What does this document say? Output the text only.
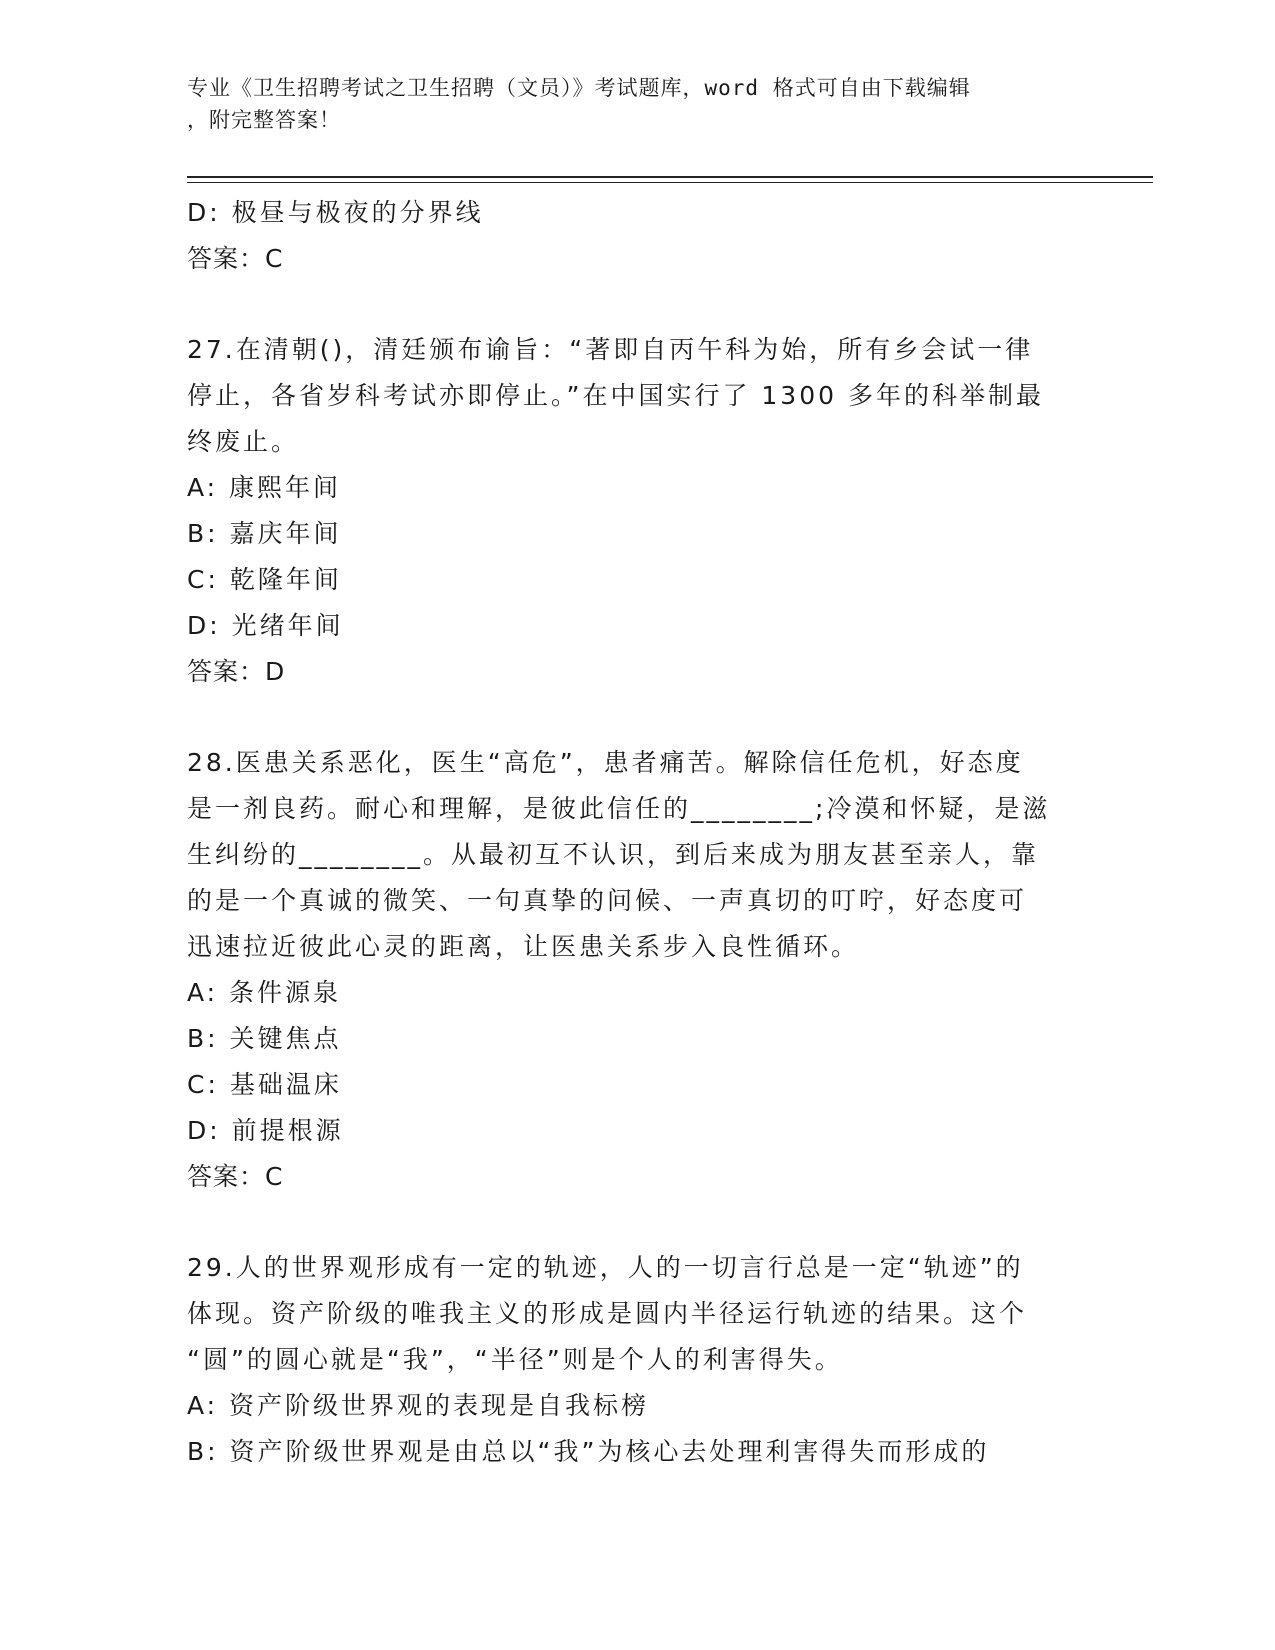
专业《卫生招聘考试之卫生招聘（文员）》考试题库，word 格式可自由下载编辑
，附完整答案！
D: 极昼与极夜的分界线
答案：C
27.在清朝()，清廷颁布谕旨：“著即自丙午科为始，所有乡会试一律
停止，各省岁科考试亦即停止。”在中国实行了 1300 多年的科举制最
终废止。
A: 康熙年间
B: 嘉庆年间
C: 乾隆年间
D: 光绪年间
答案：D
28.医患关系恶化，医生“高危”，患者痛苦。解除信任危机，好态度
是一剂良药。耐心和理解，是彼此信任的________;冷漠和怀疑，是滋
生纠纷的________。从最初互不认识，到后来成为朋友甚至亲人，靠
的是一个真诚的微笑、一句真挚的问候、一声真切的叮咛，好态度可
迅速拉近彼此心灵的距离，让医患关系步入良性循环。
A: 条件源泉
B: 关键焦点
C: 基础温床
D: 前提根源
答案：C
29.人的世界观形成有一定的轨迹，人的一切言行总是一定“轨迹”的
体现。资产阶级的唯我主义的形成是圆内半径运行轨迹的结果。这个
“圆”的圆心就是“我”，“半径”则是个人的利害得失。
A: 资产阶级世界观的表现是自我标榜
B: 资产阶级世界观是由总以“我”为核心去处理利害得失而形成的
